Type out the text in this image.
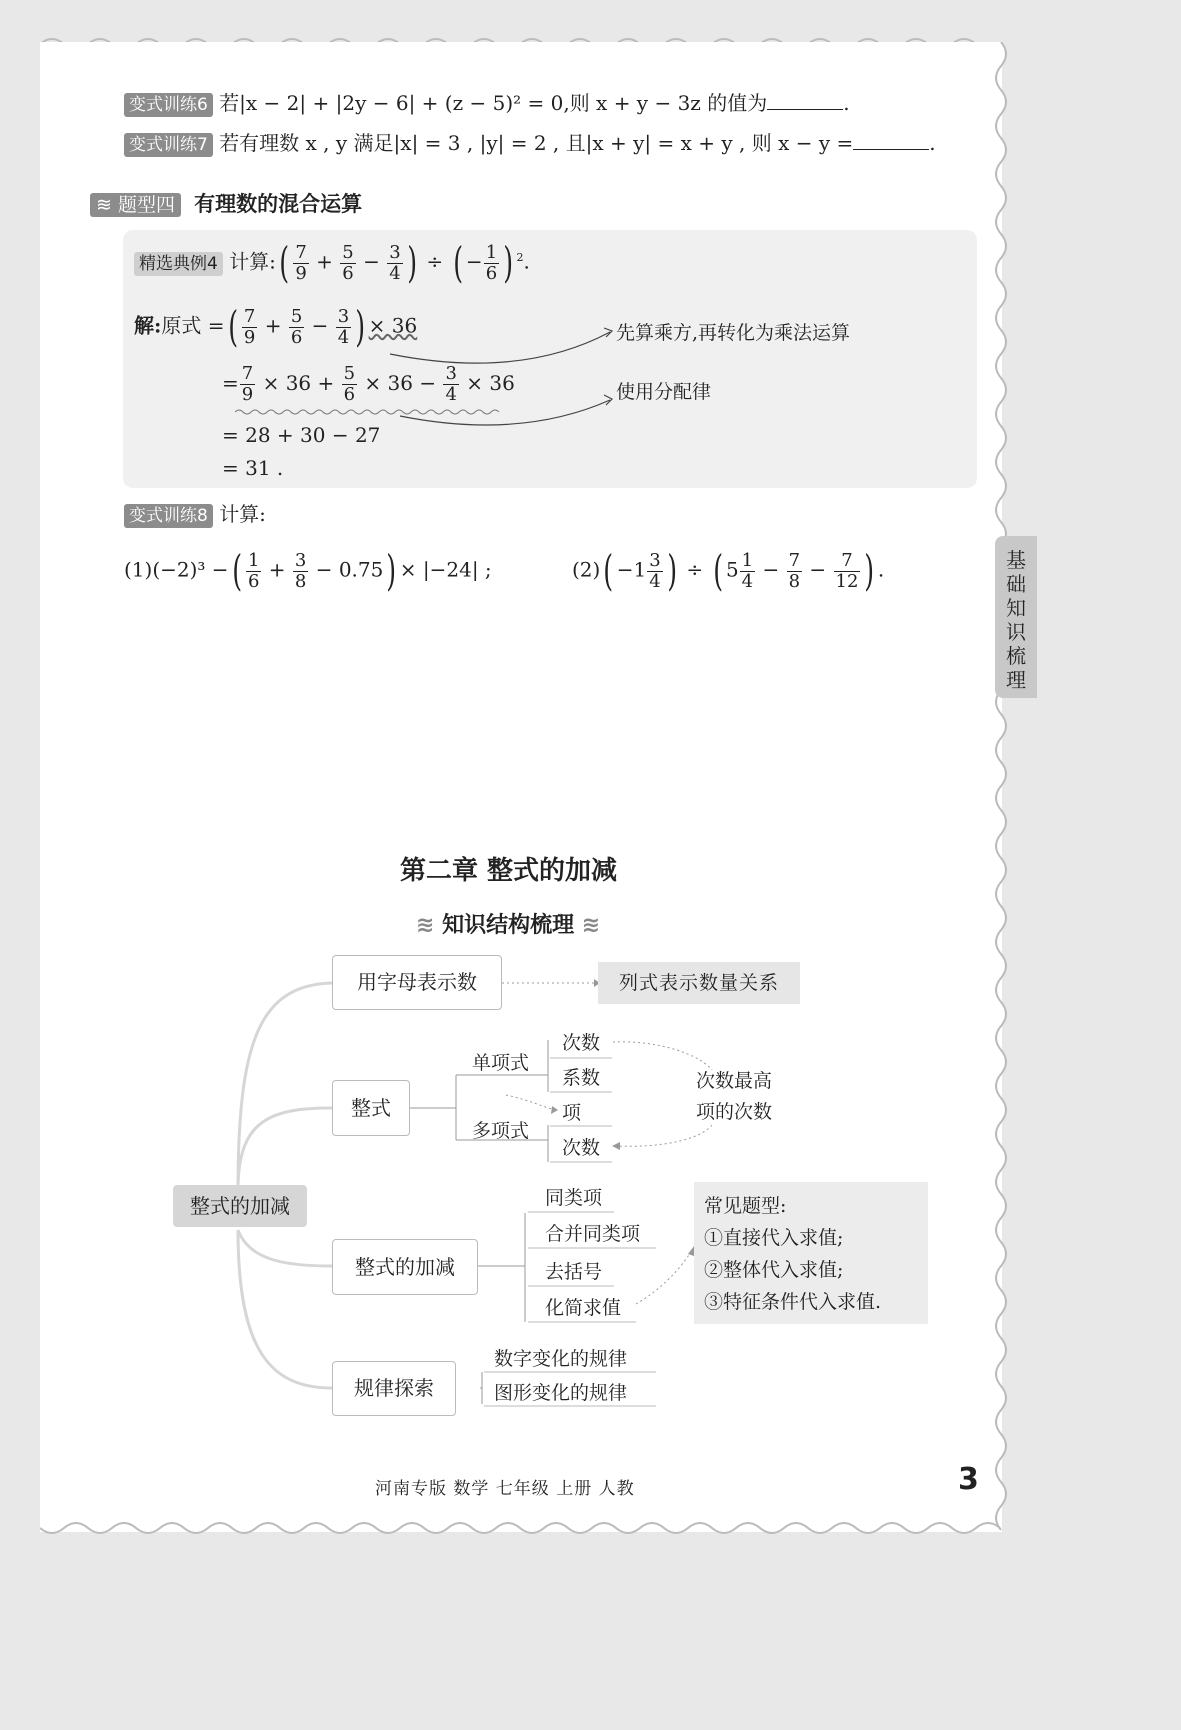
变式训练6 若|x − 2| + |2y − 6| + (z − 5)² = 0,则 x + y − 3z 的值为	.
变式训练7 若有理数 x , y 满足|x| = 3 , |y| = 2 , 且|x + y| = x + y , 则 x − y =	.
≋ 题型四 有理数的混合运算
精选典例4 计算:( $\frac{7}{9} + \frac{5}{6} - \frac{3}{4}$ ) ÷ ( − $\frac{1}{6}$ ) $^2$.
解:原式 =( $\frac{7}{9} + \frac{5}{6} - \frac{3}{4}$ ) × 36
= $\frac{7}{9} \times 36 + \frac{5}{6} \times 36 - \frac{3}{4} \times 36$
= 28 + 30 − 27
= 31 .
先算乘方,再转化为乘法运算
使用分配律
变式训练8 计算:
(1)(−2)³ −( $\frac{1}{6} + \frac{3}{8} - 0.75) \times |-24|$ ;	$(2)( -1 \frac{3}{4}$ ) ÷ ( $5 \frac{1}{4} - \frac{7}{8} - \frac{7}{12}$ ) .	基础知识梳理
第二章 整式的加减
≋ 知识结构梳理 ≋
整式的加减
用字母表示数	列式表示数量关系
整式
单项式
次数
系数
多项式
项
次数
次数最高项的次数
整式的加减
同类项
合并同类项
去括号
化简求值
常见题型:
①直接代入求值;
②整体代入求值;
③特征条件代入求值.
规律探索
数字变化的规律
图形变化的规律
河南专版 数学 七年级 上册 人教	3
